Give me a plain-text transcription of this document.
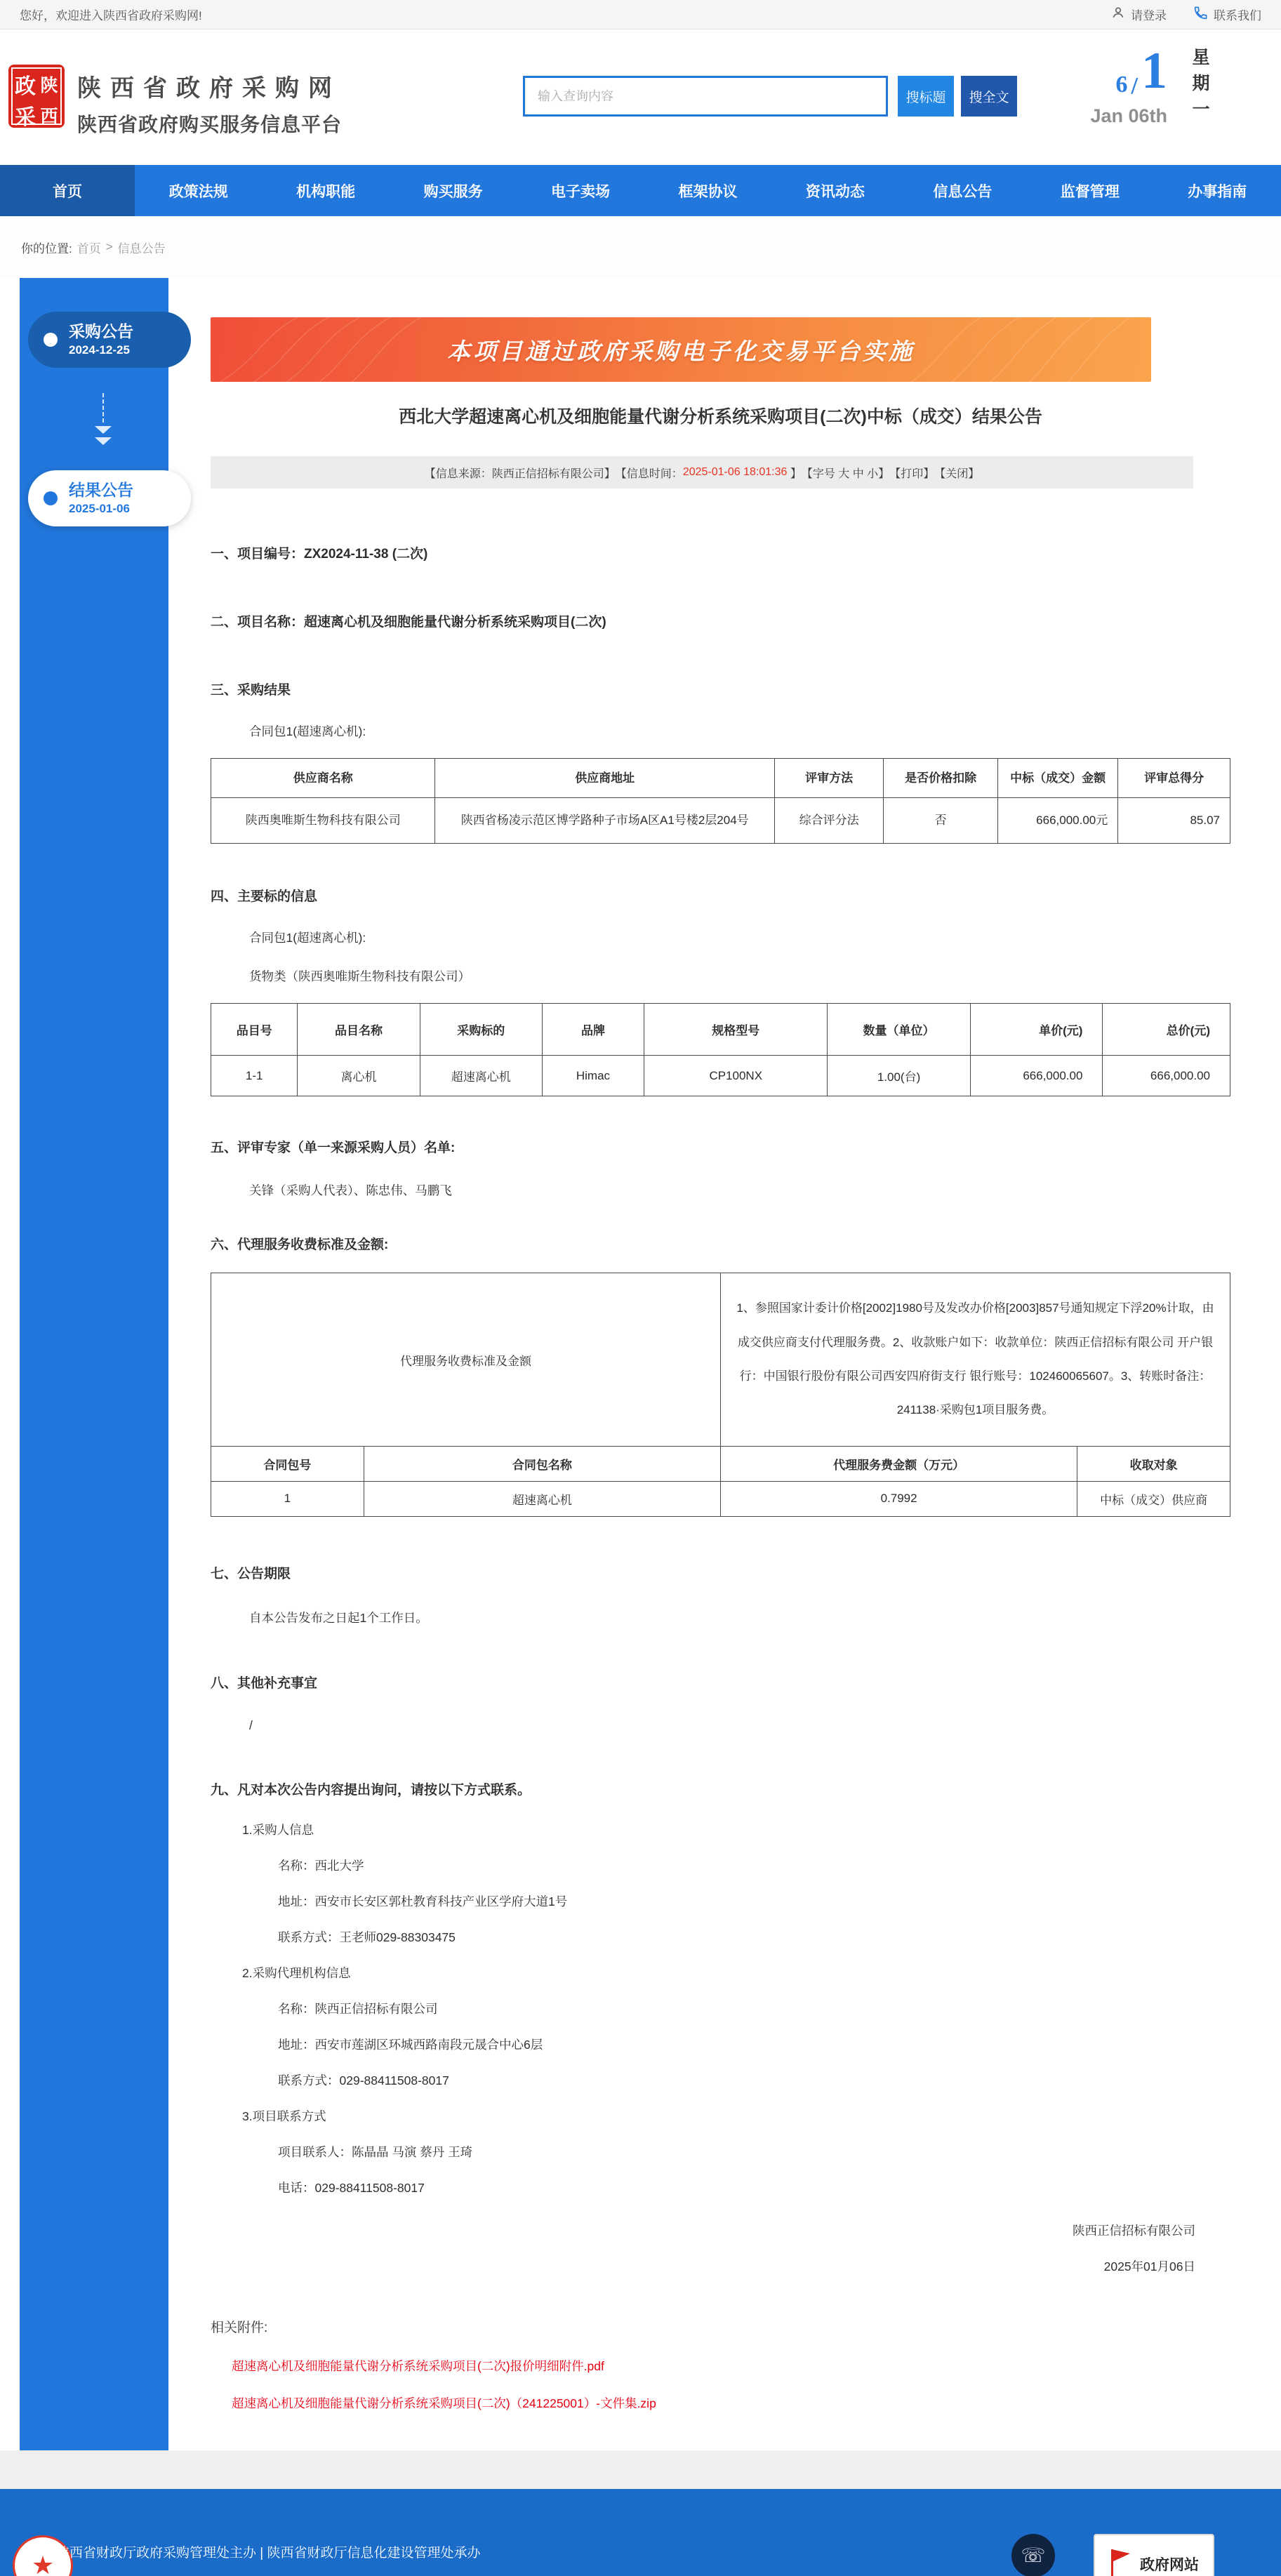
您好，欢迎进入陕西省政府采购网!	请登录	联系我们
政 陕
采 西
陕西省政府采购网
陕西省政府购买服务信息平台
输入查询内容
搜标题	搜全文	6 /1
Jan 06th 星期一
首页	政策法规	机构职能	购买服务	电子卖场	框架协议	资讯动态	信息公告	监督管理	办事指南
你的位置: 首页 > 信息公告
采购公告
2024-12-25
结果公告
2025-01-06
本项目通过政府采购电子化交易平台实施
西北大学超速离心机及细胞能量代谢分析系统采购项目(二次)中标（成交）结果公告
【信息来源：陕西正信招标有限公司】 【信息时间： 2025-01-06 18:01:36 】 【字号 大 中 小】 【打印】 【关闭】
一、项目编号：ZX2024-11-38 (二次)
二、项目名称：超速离心机及细胞能量代谢分析系统采购项目(二次)
三、采购结果
合同包1(超速离心机):
供应商名称	供应商地址	评审方法	是否价格扣除	中标（成交）金额	评审总得分
陕西奥唯斯生物科技有限公司	陕西省杨凌示范区博学路种子市场A区A1号楼2层204号	综合评分法	否	666,000.00元	85.07
四、主要标的信息
合同包1(超速离心机):
货物类（陕西奥唯斯生物科技有限公司）
品目号	品目名称	采购标的	品牌	规格型号	数量（单位）	单价(元)	总价(元)
1-1	离心机	超速离心机	Himac	CP100NX	1.00(台)	666,000.00	666,000.00
五、评审专家（单一来源采购人员）名单:
关锋（采购人代表）、陈忠伟、马鹏飞
六、代理服务收费标准及金额:
代理服务收费标准及金额		1、参照国家计委计价格[2002]1980号及发改办价格[2003]857号通知规定下浮20%计取，由成交供应商支付代理服务费。2、收款账户如下：收款单位：陕西正信招标有限公司 开户银行：中国银行股份有限公司西安四府街支行 银行账号：102460065607。3、转账时备注：241138·采购包1项目服务费。	
合同包号	合同包名称	代理服务费金额（万元）	收取对象
1	超速离心机	0.7992	中标（成交）供应商
七、公告期限
自本公告发布之日起1个工作日。
八、其他补充事宜
/
九、凡对本次公告内容提出询问，请按以下方式联系。
1.采购人信息
名称：西北大学
地址：西安市长安区郭杜教育科技产业区学府大道1号
联系方式：王老师029-88303475
2.采购代理机构信息
名称：陕西正信招标有限公司
地址：西安市莲湖区环城西路南段元晟合中心6层
联系方式：029-88411508-8017
3.项目联系方式
项目联系人：陈晶晶 马演 蔡丹 王琦
电话：029-88411508-8017
陕西正信招标有限公司
2025年01月06日
相关附件:
超速离心机及细胞能量代谢分析系统采购项目(二次)报价明细附件.pdf
超速离心机及细胞能量代谢分析系统采购项目(二次)（241225001）-文件集.zip
★ 陕西省财政厅政府采购管理处主办 | 陕西省财政厅信息化建设管理处承办	☏	政府网站
